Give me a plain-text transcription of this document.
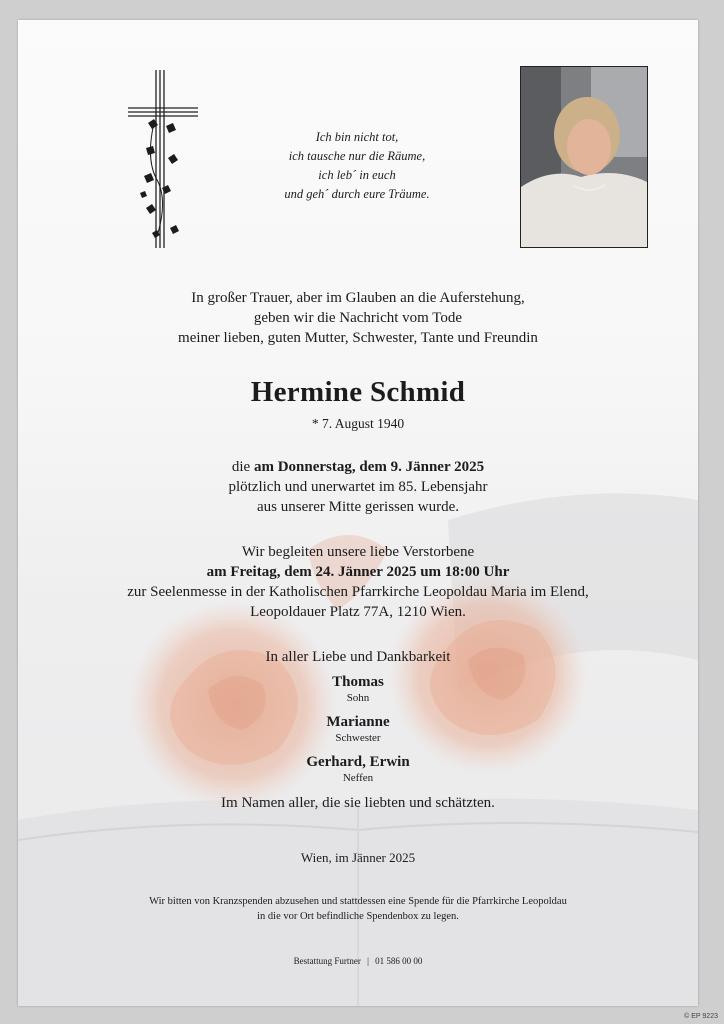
Ich bin nicht tot,
ich tausche nur die Räume,
ich leb´ in euch
und geh´ durch eure Träume.
In großer Trauer, aber im Glauben an die Auferstehung,
geben wir die Nachricht vom Tode
meiner lieben, guten Mutter, Schwester, Tante und Freundin
Hermine Schmid
* 7. August 1940
die am Donnerstag, dem 9. Jänner 2025
plötzlich und unerwartet im 85. Lebensjahr
aus unserer Mitte gerissen wurde.
Wir begleiten unsere liebe Verstorbene
am Freitag, dem 24. Jänner 2025 um 18:00 Uhr
zur Seelenmesse in der Katholischen Pfarrkirche Leopoldau Maria im Elend,
Leopoldauer Platz 77A, 1210 Wien.
In aller Liebe und Dankbarkeit
Thomas
Sohn
Marianne
Schwester
Gerhard, Erwin
Neffen
Im Namen aller, die sie liebten und schätzten.
Wien, im Jänner 2025
Wir bitten von Kranzspenden abzusehen und stattdessen eine Spende für die Pfarrkirche Leopoldau
in die vor Ort befindliche Spendenbox zu legen.
Bestattung Furtner | 01 586 00 00
© EP 9223
